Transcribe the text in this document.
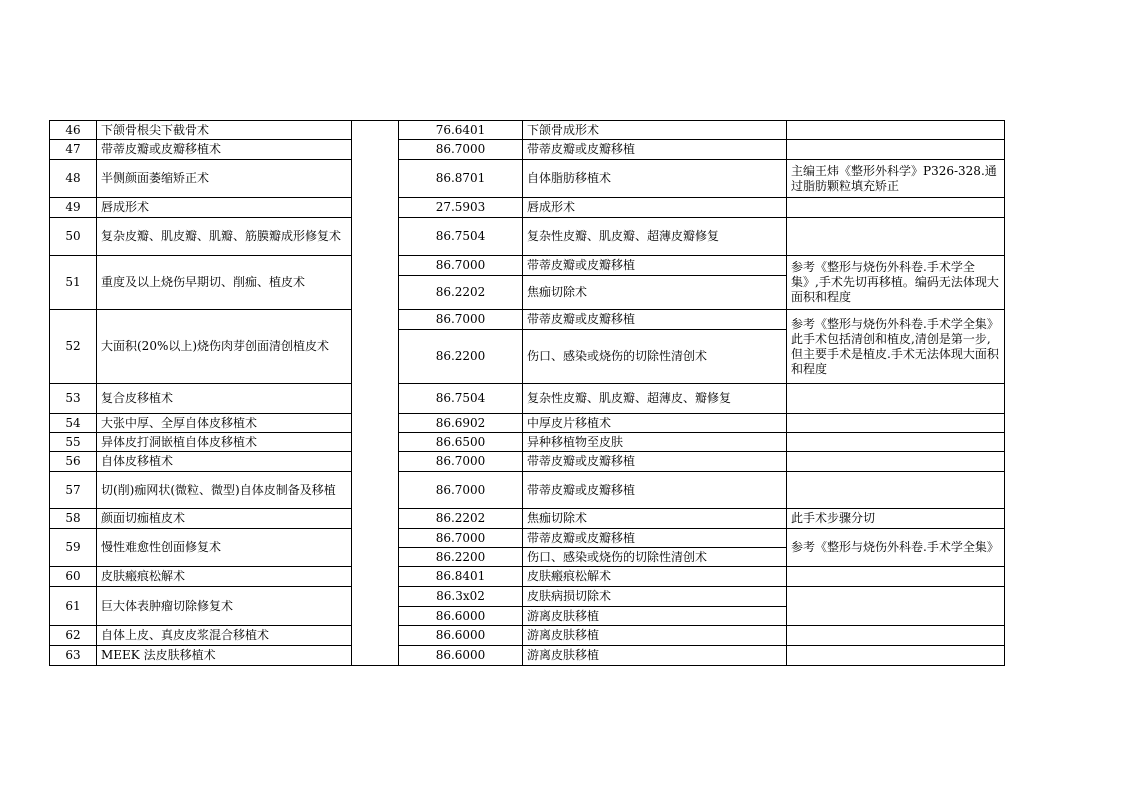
46	下颌骨根尖下截骨术		76.6401	下颌骨成形术	
47	带蒂皮瓣或皮瓣移植术		86.7000	带蒂皮瓣或皮瓣移植	
48	半侧颜面萎缩矫正术		86.8701	自体脂肪移植术	主编王炜《整形外科学》P326-328.通过脂肪颗粒填充矫正
49	唇成形术		27.5903	唇成形术	
50	复杂皮瓣、肌皮瓣、肌瓣、筋膜瓣成形修复术		86.7504	复杂性皮瓣、肌皮瓣、超薄皮瓣修复	
51	重度及以上烧伤早期切、削痂、植皮术		86.7000	带蒂皮瓣或皮瓣移植	参考《整形与烧伤外科卷.手术学全集》,手术先切再移植。编码无法体现大面积和程度
			86.2202	焦痂切除术	
52	大面积(20%以上)烧伤肉芽创面清创植皮术		86.7000	带蒂皮瓣或皮瓣移植	参考《整形与烧伤外科卷.手术学全集》此手术包括清创和植皮,清创是第一步,但主要手术是植皮.手术无法体现大面积和程度
			86.2200	伤口、感染或烧伤的切除性清创术	
53	复合皮移植术		86.7504	复杂性皮瓣、肌皮瓣、超薄皮、瓣修复	
54	大张中厚、全厚自体皮移植术		86.6902	中厚皮片移植术	
55	异体皮打洞嵌植自体皮移植术		86.6500	异种移植物至皮肤	
56	自体皮移植术		86.7000	带蒂皮瓣或皮瓣移植	
57	切(削)痂网状(微粒、微型)自体皮制备及移植		86.7000	带蒂皮瓣或皮瓣移植	
58	颜面切痂植皮术		86.2202	焦痂切除术	此手术步骤分切
59	慢性难愈性创面修复术		86.7000	带蒂皮瓣或皮瓣移植	参考《整形与烧伤外科卷.手术学全集》
			86.2200	伤口、感染或烧伤的切除性清创术	
60	皮肤瘢痕松解术		86.8401	皮肤瘢痕松解术	
61	巨大体表肿瘤切除修复术		86.3x02	皮肤病损切除术	
			86.6000	游离皮肤移植	
62	自体上皮、真皮皮浆混合移植术		86.6000	游离皮肤移植	
63	MEEK 法皮肤移植术		86.6000	游离皮肤移植	
